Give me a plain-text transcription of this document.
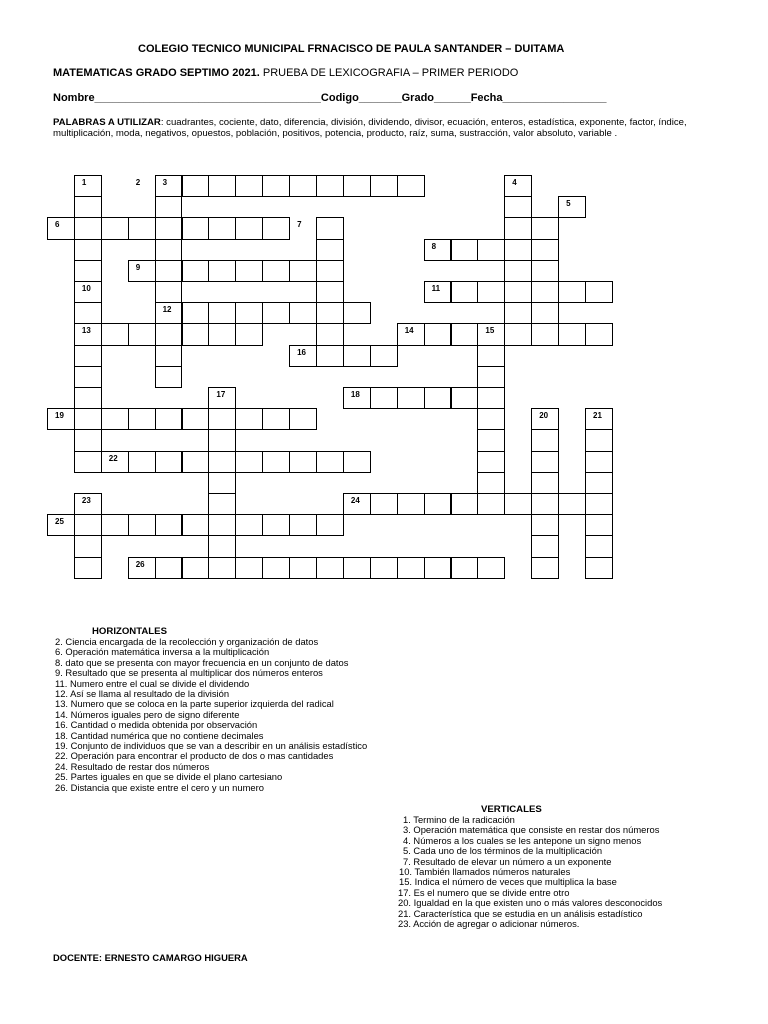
COLEGIO TECNICO MUNICIPAL FRNACISCO DE PAULA SANTANDER – DUITAMA
MATEMATICAS GRADO SEPTIMO 2021. PRUEBA DE LEXICOGRAFIA – PRIMER PERIODO
Nombre_____________________________________Codigo_______Grado______Fecha_________________
PALABRAS A UTILIZAR: cuadrantes, cociente, dato, diferencia, división, dividendo, divisor, ecuación, enteros, estadística, exponente, factor, índice, multiplicación, moda, negativos, opuestos, población, positivos, potencia, producto, raíz, suma, sustracción, valor absoluto, variable .
1	2	3	4
5
6	7
8
9
10	11
12
13	14	15
16
17	18
19	20	21
22
23	24
25
26
HORIZONTALES
2. Ciencia encargada de la recolección y organización de datos
6. Operación matemática inversa a la multiplicación
8. dato que se presenta con mayor frecuencia en un conjunto de datos
9. Resultado que se presenta al multiplicar dos números enteros
11. Numero entre el cual se divide el dividendo
12. Así se llama al resultado de la división
13. Numero que se coloca en la parte superior izquierda del radical
14. Números iguales pero de signo diferente
16. Cantidad o medida obtenida por observación
18. Cantidad numérica que no contiene decimales
19. Conjunto de individuos que se van a describir en un análisis estadístico
22. Operación para encontrar el producto de dos o mas cantidades
24. Resultado de restar dos números
25. Partes iguales en que se divide el plano cartesiano
26. Distancia que existe entre el cero y un numero
VERTICALES
1. Termino de la radicación
3. Operación matemática que consiste en restar dos números
4. Números a los cuales se les antepone un signo menos
5. Cada uno de los términos de la multiplicación
7. Resultado de elevar un número a un exponente
10. También llamados números naturales
15. Indica el número de veces que multiplica la base
17. Es el numero que se divide entre otro
20. Igualdad en la que existen uno o más valores desconocidos
21. Característica que se estudia en un análisis estadístico
23. Acción de agregar o adicionar números.
DOCENTE: ERNESTO CAMARGO HIGUERA
